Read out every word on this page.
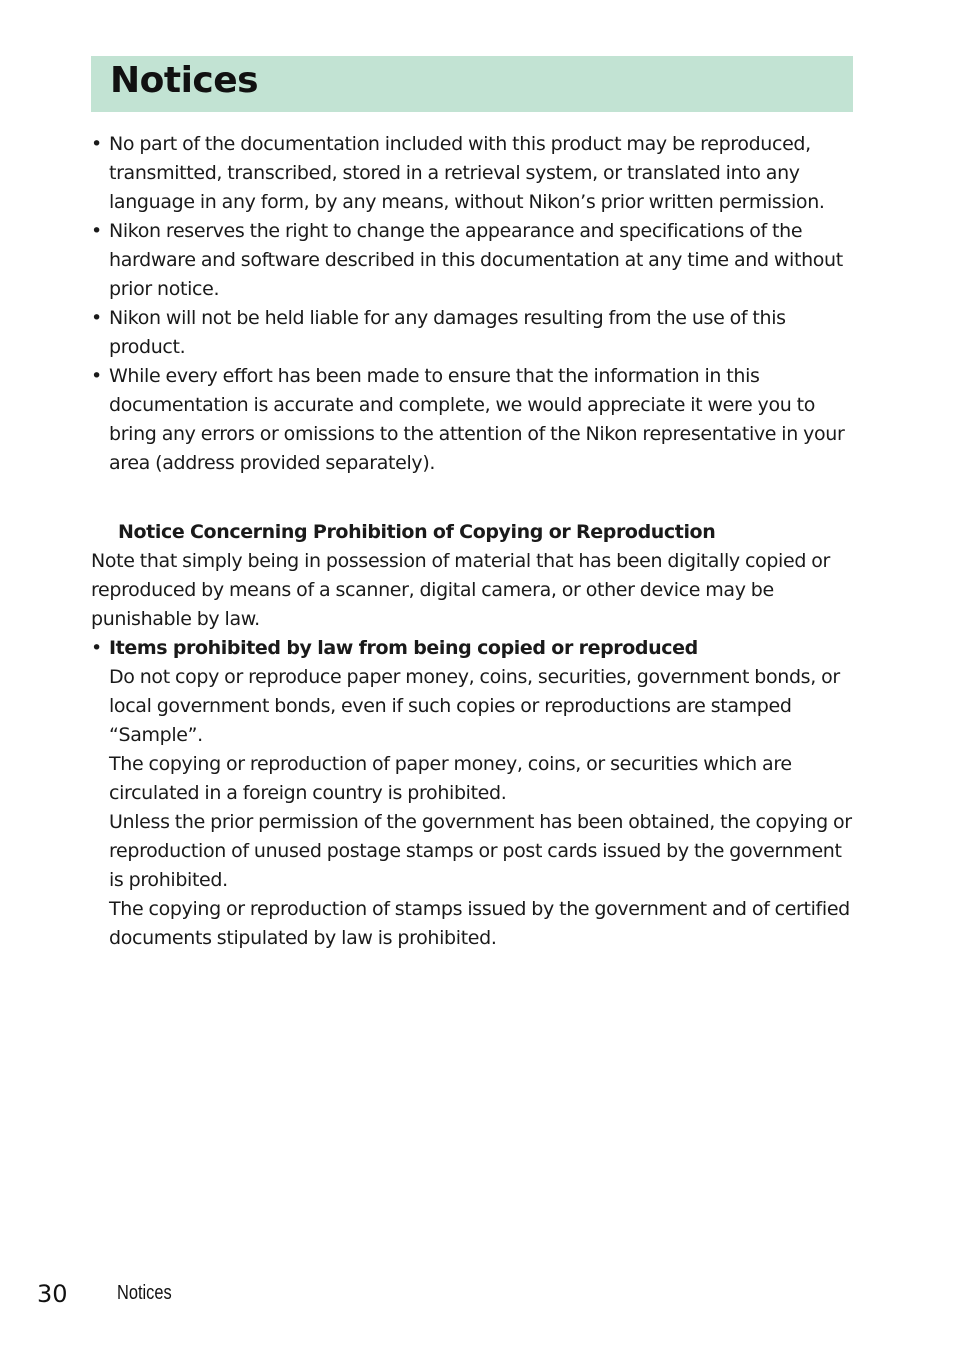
Notices
• No part of the documentation included with this product may be reproduced, transmitted, transcribed, stored in a retrieval system, or translated into any language in any form, by any means, without Nikon’s prior written permission.
• Nikon reserves the right to change the appearance and specifications of the hardware and software described in this documentation at any time and without prior notice.
• Nikon will not be held liable for any damages resulting from the use of this product.
• While every effort has been made to ensure that the information in this documentation is accurate and complete, we would appreciate it were you to bring any errors or omissions to the attention of the Nikon representative in your area (address provided separately).
Notice Concerning Prohibition of Copying or Reproduction
Note that simply being in possession of material that has been digitally copied or reproduced by means of a scanner, digital camera, or other device may be punishable by law.
• Items prohibited by law from being copied or reproduced
Do not copy or reproduce paper money, coins, securities, government bonds, or local government bonds, even if such copies or reproductions are stamped “Sample”.
The copying or reproduction of paper money, coins, or securities which are circulated in a foreign country is prohibited.
Unless the prior permission of the government has been obtained, the copying or reproduction of unused postage stamps or post cards issued by the government is prohibited.
The copying or reproduction of stamps issued by the government and of certified documents stipulated by law is prohibited.
30 Notices
